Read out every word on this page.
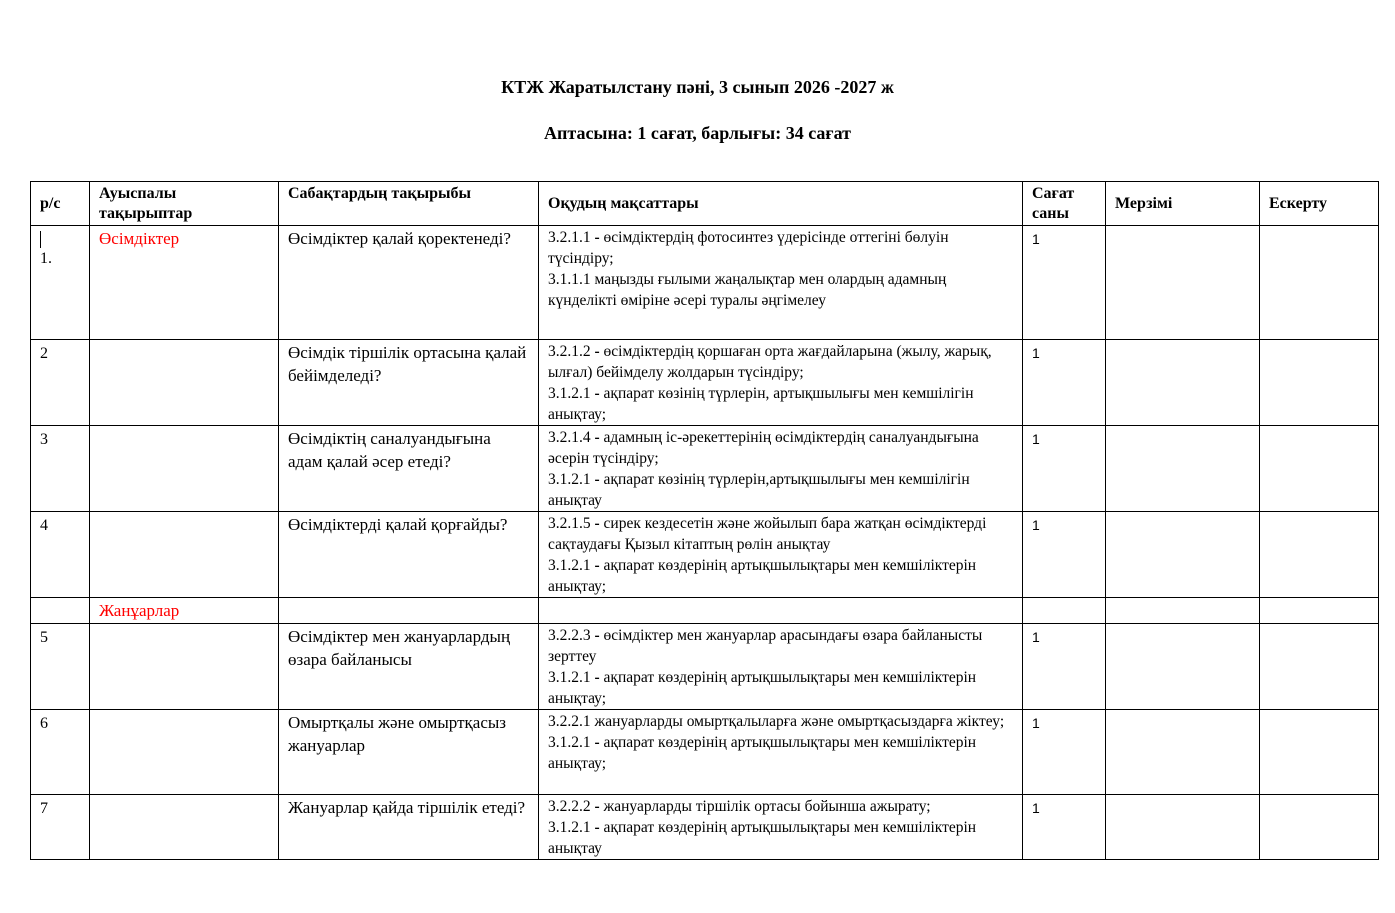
КТЖ Жаратылстану пәні, 3 сынып 2026 -2027 ж
Аптасына: 1 сағат, барлығы: 34 сағат
р/с	Ауыспалы тақырыптар	Сабақтардың тақырыбы	Оқудың мақсаттары	Сағат саны	Мерзімі	Ескерту

1.	Өсімдіктер	Өсімдіктер қалай қоректенеді?	3.2.1.1 - өсімдіктердің фотосинтез үдерісінде оттегіні бөлуін түсіндіру;
3.1.1.1 маңызды ғылыми жаңалықтар мен олардың адамның күнделікті өміріне әсері туралы әңгімелеу	1		

2		Өсімдік тіршілік ортасына қалай бейімделеді?	3.2.1.2 - өсімдіктердің қоршаған орта жағдайларына (жылу, жарық, ылғал) бейімделу жолдарын түсіндіру;
3.1.2.1 - ақпарат көзінің түрлерін, артықшылығы мен кемшілігін анықтау;	1		

3		Өсімдіктің саналуандығына адам қалай әсер етеді?	3.2.1.4 - адамның іс-әрекеттерінің өсімдіктердің саналуандығына әсерін түсіндіру;
3.1.2.1 - ақпарат көзінің түрлерін,артықшылығы мен кемшілігін анықтау	1		

4		Өсімдіктерді қалай қорғайды?	3.2.1.5 - сирек кездесетін және жойылып бара жатқан өсімдіктерді сақтаудағы Қызыл кітаптың рөлін анықтау
3.1.2.1 - ақпарат көздерінің артықшылықтары мен кемшіліктерін анықтау;	1		

	Жанұарлар					

5		Өсімдіктер мен жануарлардың өзара байланысы	3.2.2.3 - өсімдіктер мен жануарлар арасындағы өзара байланысты зерттеу
3.1.2.1 - ақпарат көздерінің артықшылықтары мен кемшіліктерін анықтау;	1		

6		Омыртқалы және омыртқасыз жануарлар	3.2.2.1 жануарларды омыртқалыларға және омыртқасыздарға жіктеу;
3.1.2.1 - ақпарат көздерінің артықшылықтары мен кемшіліктерін анықтау;	1		

7		Жануарлар қайда тіршілік етеді?	3.2.2.2 - жануарларды тіршілік ортасы бойынша ажырату;
3.1.2.1 - ақпарат көздерінің артықшылықтары мен кемшіліктерін анықтау	1		
